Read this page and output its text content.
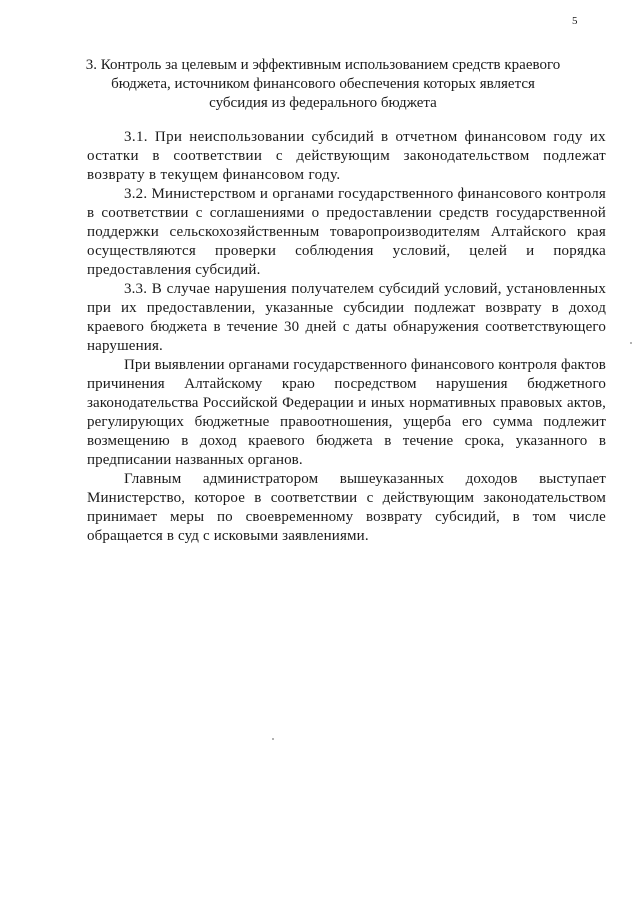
5
3. Контроль за целевым и эффективным использованием средств краевого бюджета, источником финансового обеспечения которых является субсидия из федерального бюджета

3.1. При неиспользовании субсидий в отчетном финансовом году их остатки в соответствии с действующим законодательством подлежат возврату в текущем финансовом году.

3.2. Министерством и органами государственного финансового контроля в соответствии с соглашениями о предоставлении средств государственной поддержки сельскохозяйственным товаропроизводителям Алтайского края осуществляются проверки соблюдения условий, целей и порядка предоставления субсидий.

3.3. В случае нарушения получателем субсидий условий, установленных при их предоставлении, указанные субсидии подлежат возврату в доход краевого бюджета в течение 30 дней с даты обнаружения соответствующего нарушения.

При выявлении органами государственного финансового контроля фактов причинения Алтайскому краю посредством нарушения бюджетного законодательства Российской Федерации и иных нормативных правовых актов, регулирующих бюджетные правоотношения, ущерба его сумма подлежит возмещению в доход краевого бюджета в течение срока, указанного в предписании названных органов.

Главным администратором вышеуказанных доходов выступает Министерство, которое в соответствии с действующим законодательством принимает меры по своевременному возврату субсидий, в том числе обращается в суд с исковыми заявлениями.
